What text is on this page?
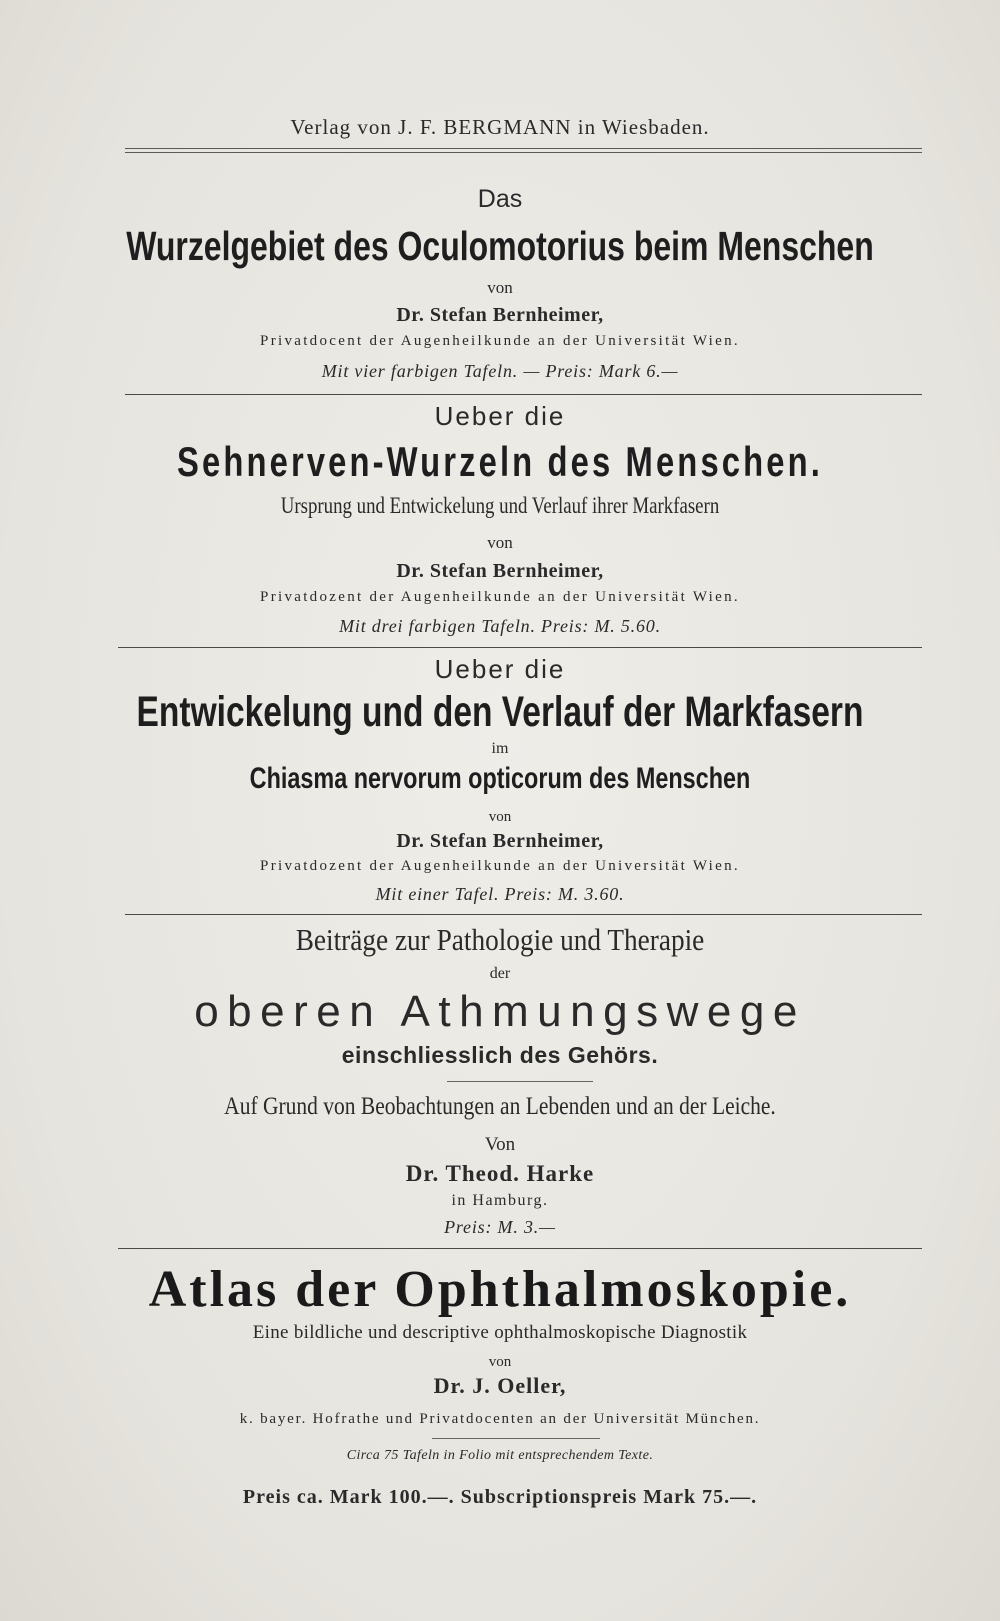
Verlag von J. F. BERGMANN in Wiesbaden.

Das

Wurzelgebiet des Oculomotorius beim Menschen

von

Dr. Stefan Bernheimer,

Privatdocent der Augenheilkunde an der Universität Wien.

Mit vier farbigen Tafeln. — Preis: Mark 6.—

Ueber die

Sehnerven-Wurzeln des Menschen.

Ursprung und Entwickelung und Verlauf ihrer Markfasern

von

Dr. Stefan Bernheimer,

Privatdozent der Augenheilkunde an der Universität Wien.

Mit drei farbigen Tafeln. Preis: M. 5.60.

Ueber die

Entwickelung und den Verlauf der Markfasern

im

Chiasma nervorum opticorum des Menschen

von

Dr. Stefan Bernheimer,

Privatdozent der Augenheilkunde an der Universität Wien.

Mit einer Tafel. Preis: M. 3.60.

Beiträge zur Pathologie und Therapie

der

oberen Athmungswege

einschliesslich des Gehörs.

Auf Grund von Beobachtungen an Lebenden und an der Leiche.

Von

Dr. Theod. Harke

in Hamburg.

Preis: M. 3.—

Atlas der Ophthalmoskopie.

Eine bildliche und descriptive ophthalmoskopische Diagnostik

von

Dr. J. Oeller,

k. bayer. Hofrathe und Privatdocenten an der Universität München.

Circa 75 Tafeln in Folio mit entsprechendem Texte.

Preis ca. Mark 100.—. Subscriptionspreis Mark 75.—.
